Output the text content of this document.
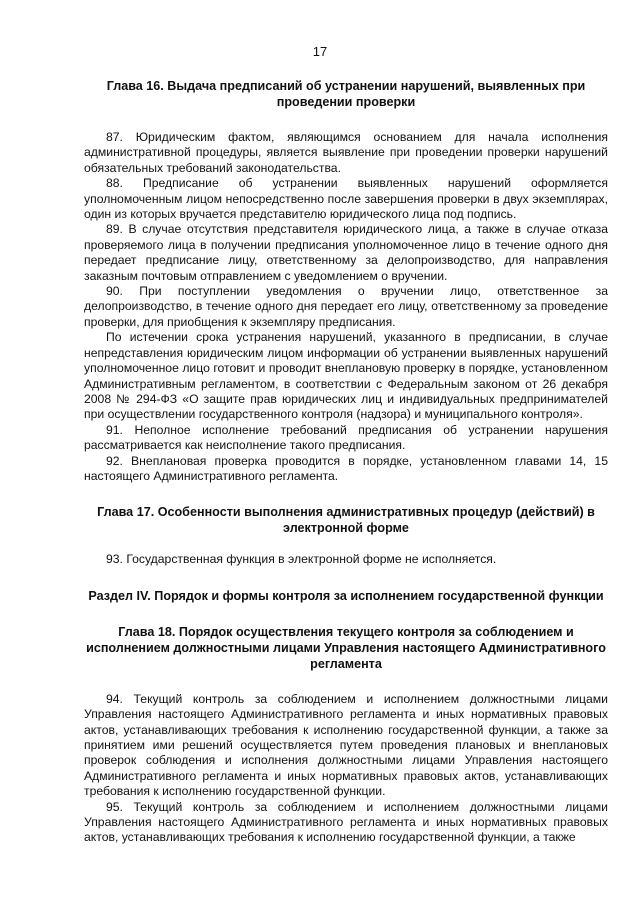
17
Глава 16. Выдача предписаний об устранении нарушений, выявленных при проведении проверки

87. Юридическим фактом, являющимся основанием для начала исполнения административной процедуры, является выявление при проведении проверки нарушений обязательных требований законодательства.

88. Предписание об устранении выявленных нарушений оформляется уполномоченным лицом непосредственно после завершения проверки в двух экземплярах, один из которых вручается представителю юридического лица под подпись.

89. В случае отсутствия представителя юридического лица, а также в случае отказа проверяемого лица в получении предписания уполномоченное лицо в течение одного дня передает предписание лицу, ответственному за делопроизводство, для направления заказным почтовым отправлением с уведомлением о вручении.

90. При поступлении уведомления о вручении лицо, ответственное за делопроизводство, в течение одного дня передает его лицу, ответственному за проведение проверки, для приобщения к экземпляру предписания.

По истечении срока устранения нарушений, указанного в предписании, в случае непредставления юридическим лицом информации об устранении выявленных нарушений уполномоченное лицо готовит и проводит внеплановую проверку в порядке, установленном Административным регламентом, в соответствии с Федеральным законом от 26 декабря 2008 № 294-ФЗ «О защите прав юридических лиц и индивидуальных предпринимателей при осуществлении государственного контроля (надзора) и муниципального контроля».

91. Неполное исполнение требований предписания об устранении нарушения рассматривается как неисполнение такого предписания.

92. Внеплановая проверка проводится в порядке, установленном главами 14, 15 настоящего Административного регламента.

Глава 17. Особенности выполнения административных процедур (действий) в электронной форме

93. Государственная функция в электронной форме не исполняется.

Раздел IV. Порядок и формы контроля за исполнением государственной функции
Глава 18. Порядок осуществления текущего контроля за соблюдением и исполнением должностными лицами Управления настоящего Административного регламента

94. Текущий контроль за соблюдением и исполнением должностными лицами Управления настоящего Административного регламента и иных нормативных правовых актов, устанавливающих требования к исполнению государственной функции, а также за принятием ими решений осуществляется путем проведения плановых и внеплановых проверок соблюдения и исполнения должностными лицами Управления настоящего Административного регламента и иных нормативных правовых актов, устанавливающих требования к исполнению государственной функции.

95. Текущий контроль за соблюдением и исполнением должностными лицами Управления настоящего Административного регламента и иных нормативных правовых актов, устанавливающих требования к исполнению государственной функции, а также
